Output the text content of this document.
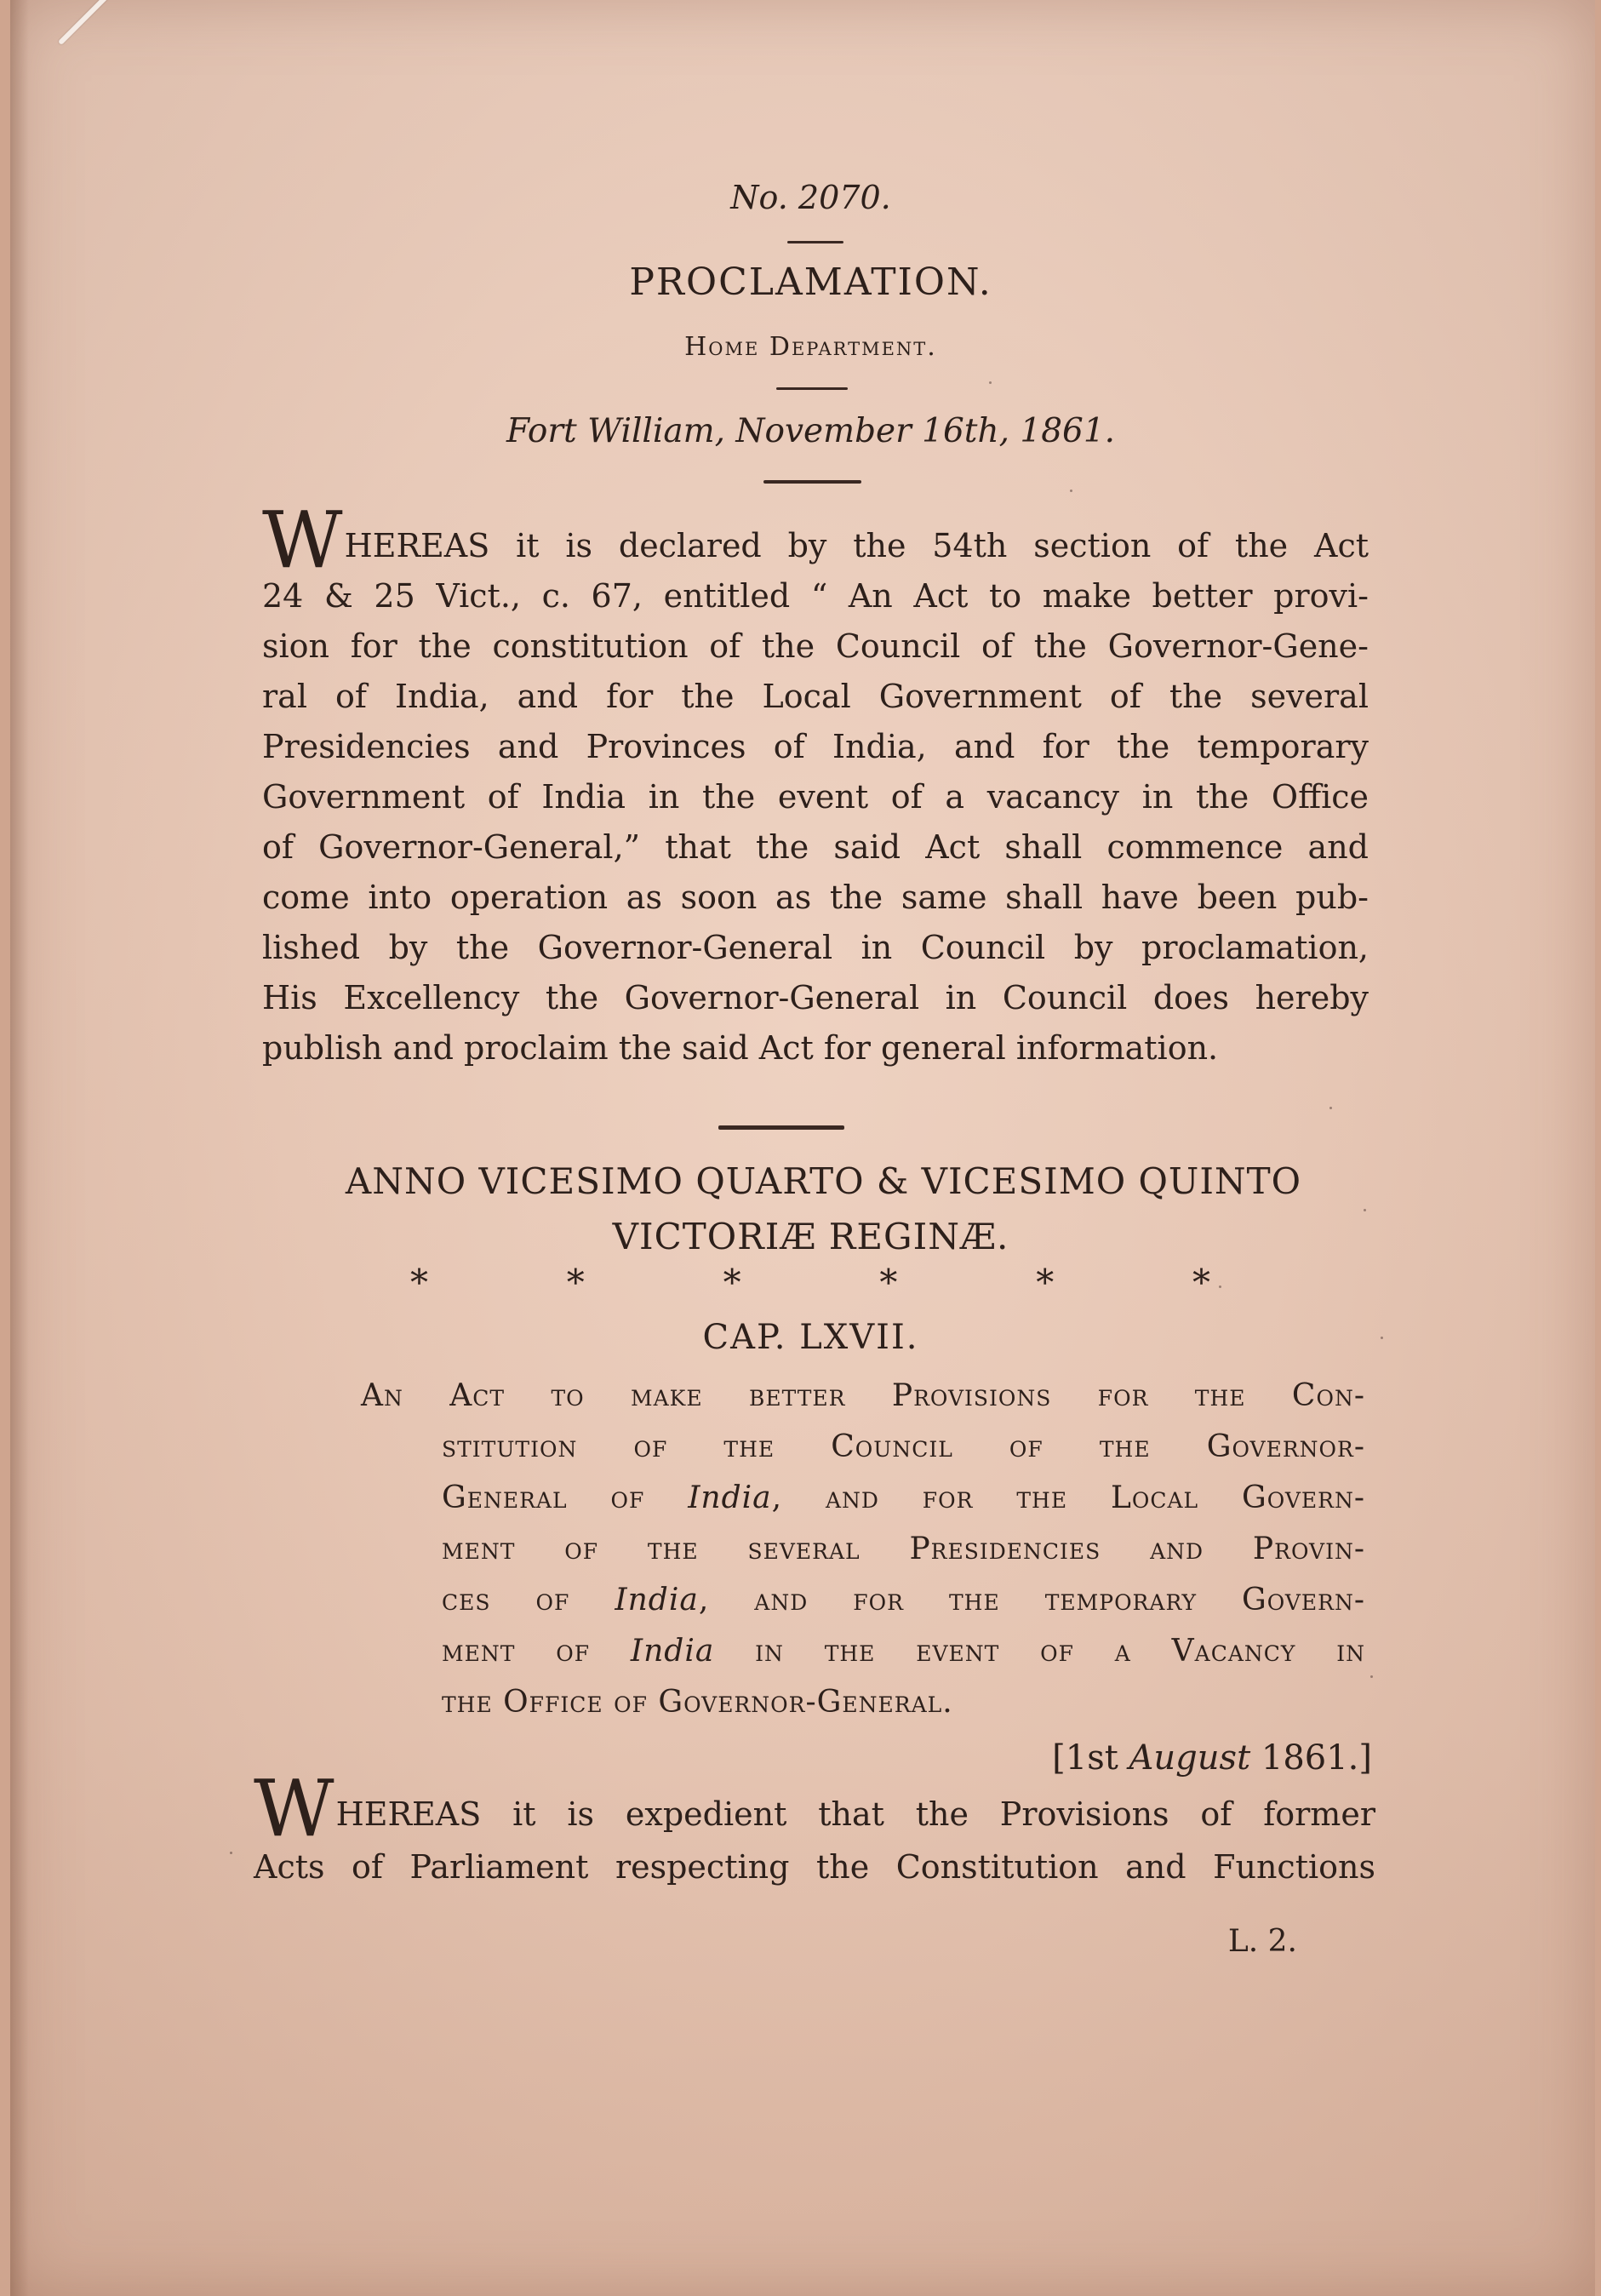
No. 2070.
PROCLAMATION.
Home Department.
Fort William, November 16th, 1861.
WHEREAS it is declared by the 54th section of the Act
24 & 25 Vict., c. 67, entitled “ An Act to make better provi-
sion for the constitution of the Council of the Governor-Gene-
ral of India, and for the Local Government of the several
Presidencies and Provinces of India, and for the temporary
Government of India in the event of a vacancy in the Office
of Governor-General,” that the said Act shall commence and
come into operation as soon as the same shall have been pub-
lished by the Governor-General in Council by proclamation,
His Excellency the Governor-General in Council does hereby
publish and proclaim the said Act for general information.
ANNO VICESIMO QUARTO & VICESIMO QUINTO
VICTORIÆ REGINÆ.
*	*	*	*	*	*
CAP. LXVII.
An Act to make better Provisions for the Con-
stitution of the Council of the Governor-
General of India, and for the Local Govern-
ment of the several Presidencies and Provin-
ces of India, and for the temporary Govern-
ment of India in the event of a Vacancy in
the Office of Governor-General.
[1st August 1861.]
WHEREAS it is expedient that the Provisions of former
Acts of Parliament respecting the Constitution and Functions
L. 2.
